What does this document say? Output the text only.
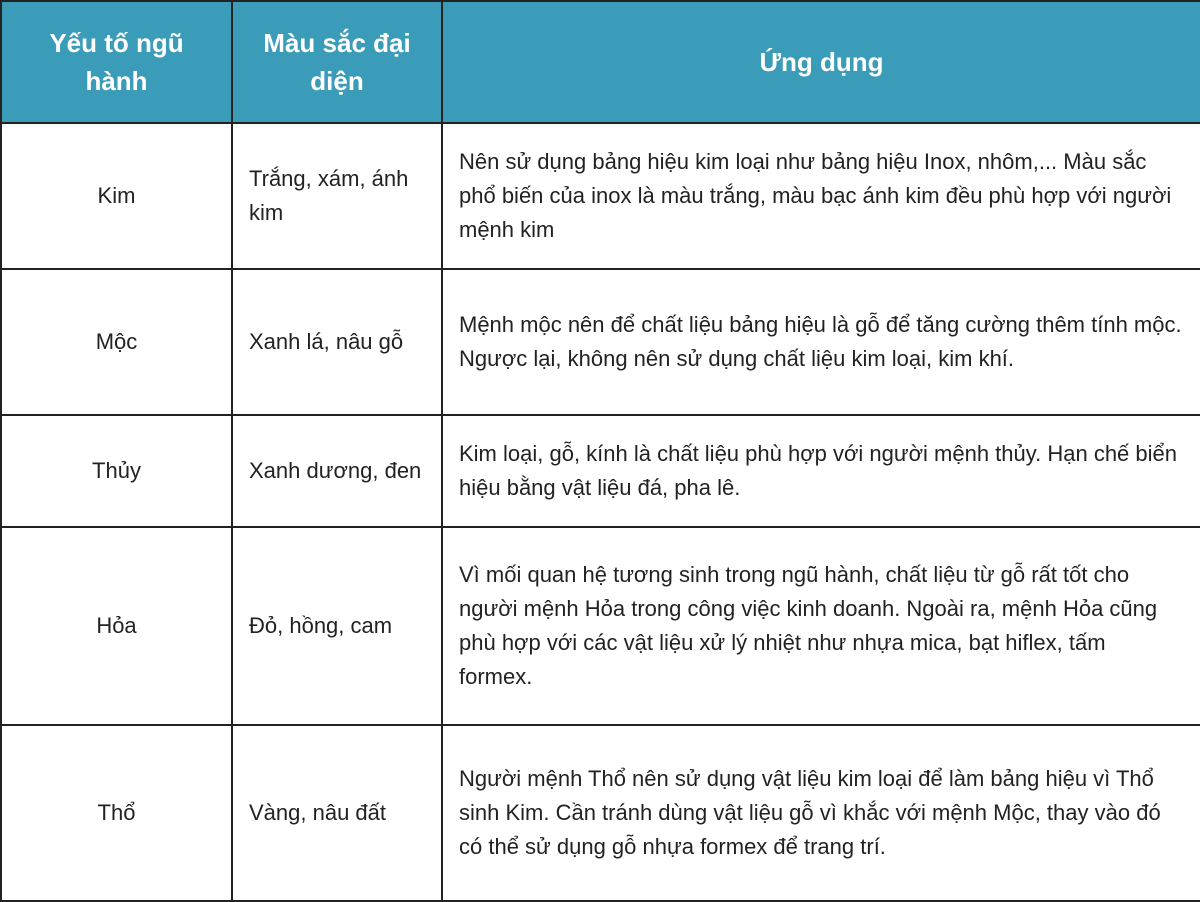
Yếu tố ngũ hành	Màu sắc đại diện	Ứng dụng
Kim	Trắng, xám, ánh kim	Nên sử dụng bảng hiệu kim loại như bảng hiệu Inox, nhôm,... Màu sắc phổ biến của inox là màu trắng, màu bạc ánh kim đều phù hợp với người mệnh kim
Mộc	Xanh lá, nâu gỗ	Mệnh mộc nên để chất liệu bảng hiệu là gỗ để tăng cường thêm tính mộc. Ngược lại, không nên sử dụng chất liệu kim loại, kim khí.
Thủy	Xanh dương, đen	Kim loại, gỗ, kính là chất liệu phù hợp với người mệnh thủy. Hạn chế biển hiệu bằng vật liệu đá, pha lê.
Hỏa	Đỏ, hồng, cam	Vì mối quan hệ tương sinh trong ngũ hành, chất liệu từ gỗ rất tốt cho người mệnh Hỏa trong công việc kinh doanh. Ngoài ra, mệnh Hỏa cũng phù hợp với các vật liệu xử lý nhiệt như nhựa mica, bạt hiflex, tấm formex.
Thổ	Vàng, nâu đất	Người mệnh Thổ nên sử dụng vật liệu kim loại để làm bảng hiệu vì Thổ sinh Kim. Cần tránh dùng vật liệu gỗ vì khắc với mệnh Mộc, thay vào đó có thể sử dụng gỗ nhựa formex để trang trí.
